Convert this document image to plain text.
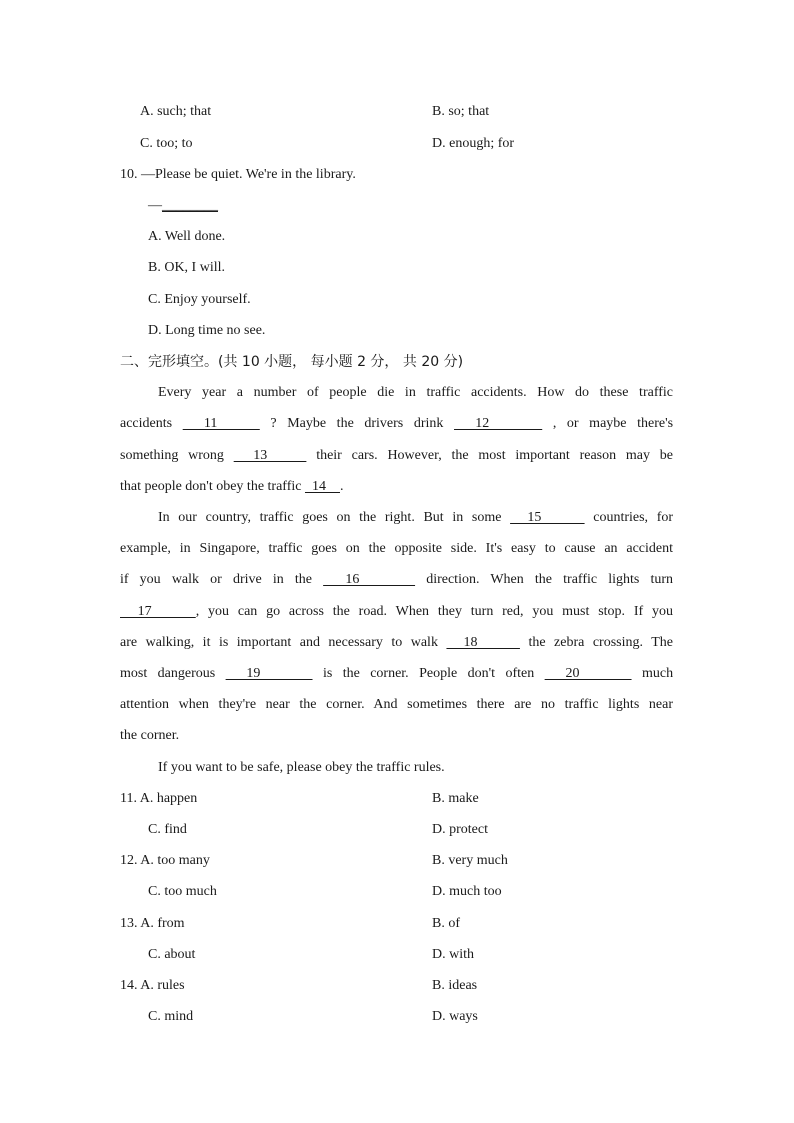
A. such; that	B. so; that
C. too; to	D. enough; for
10. —Please be quiet. We're in the library.
—________
A. Well done.
B. OK, I will.
C. Enjoy yourself.
D. Long time no see.
二、完形填空。(共 10 小题， 每小题 2 分， 共 20 分)
Every year a number of people die in traffic accidents. How do these traffic
accidents   11     ? Maybe the drivers drink   12      , or maybe there's
something wrong   13     their cars. However, the most important reason may be
that people don't obey the traffic   14    .
In our country, traffic goes on the right. But in some   15      countries, for
example, in Singapore, traffic goes on the opposite side. It's easy to cause an accident
if you walk or drive in the   16      direction. When the traffic lights turn
17     , you can go across the road. When they turn red, you must stop. If you
are walking, it is important and necessary to walk   18      the zebra crossing. The
most dangerous   19      is the corner. People don't often   20      much
attention when they're near the corner. And sometimes there are no traffic lights near
the corner.
If you want to be safe, please obey the traffic rules.
11. A. happen	B. make
C. find	D. protect
12. A. too many	B. very much
C. too much	D. much too
13. A. from	B. of
C. about	D. with
14. A. rules	B. ideas
C. mind	D. ways
